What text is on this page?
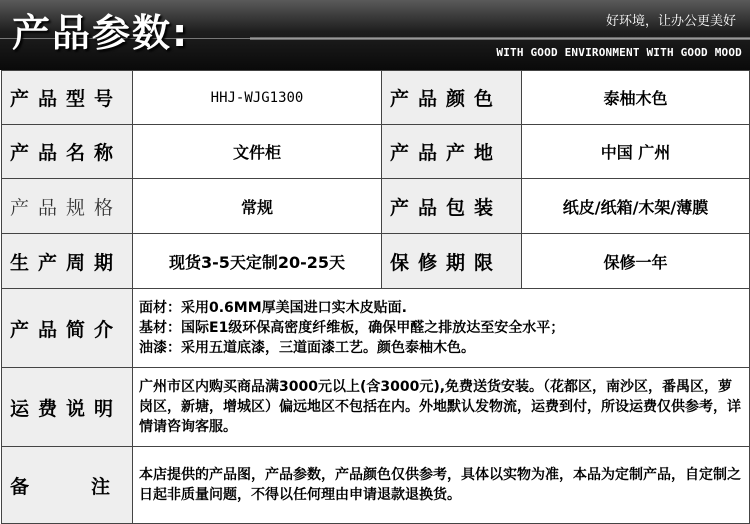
产品参数:	好环境，让办公更美好
WITH GOOD ENVIRONMENT WITH GOOD MOOD
产品型号	HHJ-WJG1300	产品颜色	泰柚木色
产品名称	文件柜	产品产地	中国 广州
产品规格	常规	产品包装	纸皮/纸箱/木架/薄膜
生产周期	现货3-5天定制20-25天	保修期限	保修一年
产品简介	面材：采用0.6MM厚美国进口实木皮贴面.
基材：国际E1级环保高密度纤维板，确保甲醛之排放达至安全水平；
油漆：采用五道底漆，三道面漆工艺。颜色泰柚木色。		

运费说明	广州市区内购买商品满3000元以上(含3000元),免费送货安装。（花都区，南沙区，番禺区，萝岗区，新塘，增城区）偏远地区不包括在内。外地默认发物流，运费到付，所设运费仅供参考，详情请咨询客服。		

备 注	本店提供的产品图，产品参数，产品颜色仅供参考，具体以实物为准，本品为定制产品，自定制之日起非质量问题，不得以任何理由申请退款退换货。		
